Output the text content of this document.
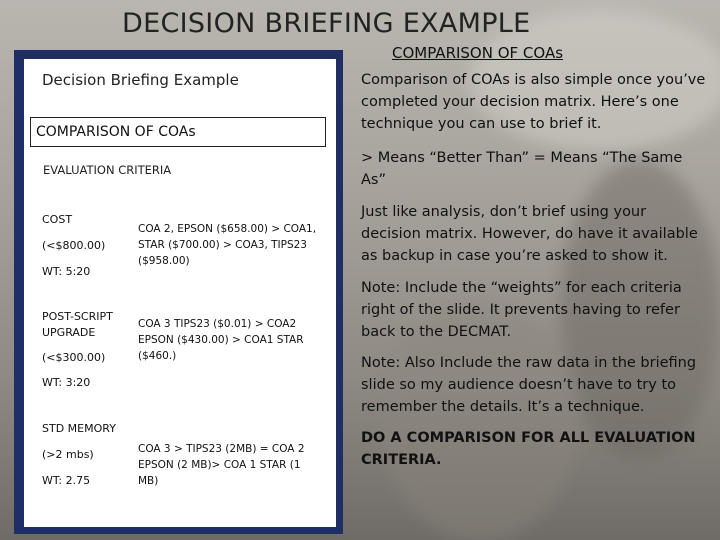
DECISION BRIEFING EXAMPLE
Decision Briefing Example
COMPARISON OF COAs
EVALUATION CRITERIA
COST
(<$800.00)
WT: 5:20
COA 2, EPSON ($658.00) > COA1, STAR ($700.00) > COA3, TIPS23 ($958.00)
POST-SCRIPT UPGRADE
(<$300.00)
WT: 3:20
COA 3 TIPS23 ($0.01) > COA2 EPSON ($430.00) > COA1 STAR ($460.)
STD MEMORY
(>2 mbs)
WT: 2.75
COA 3 > TIPS23 (2MB) = COA 2 EPSON (2 MB)> COA 1 STAR (1 MB)
COMPARISON OF COAs
Comparison of COAs is also simple once you’ve completed your decision matrix. Here’s one technique you can use to brief it.
> Means “Better Than” = Means “The Same As”
Just like analysis, don’t brief using your decision matrix. However, do have it available as backup in case you’re asked to show it.
Note: Include the “weights” for each criteria right of the slide. It prevents having to refer back to the DECMAT.
Note: Also Include the raw data in the briefing slide so my audience doesn’t have to try to remember the details. It’s a technique.
DO A COMPARISON FOR ALL EVALUATION CRITERIA.
